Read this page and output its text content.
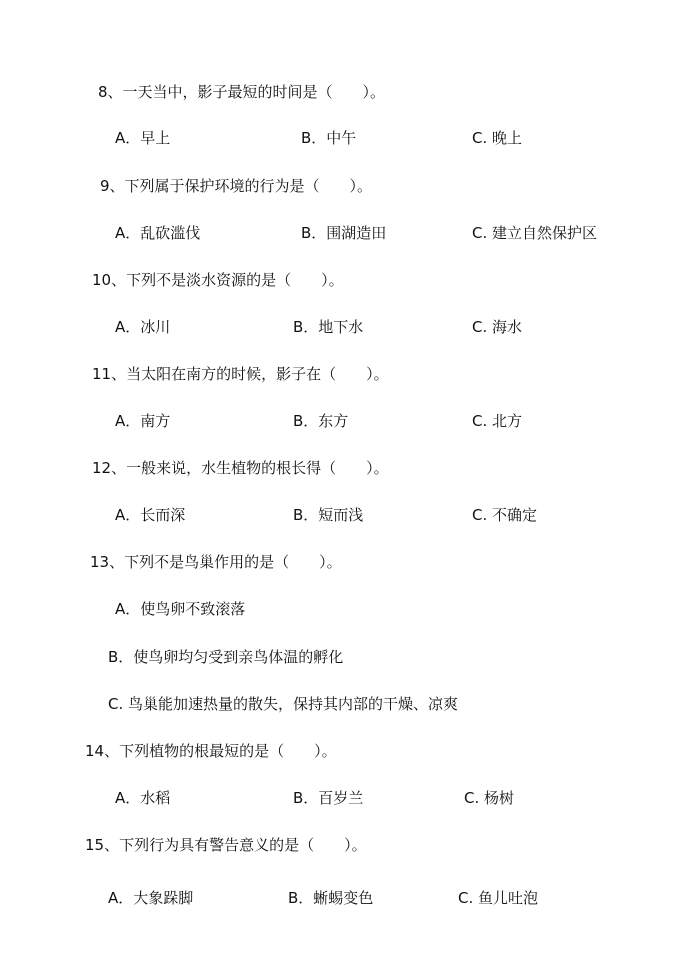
8、一天当中，影子最短的时间是（　　）。
A．早上	B．中午	C. 晚上
9、下列属于保护环境的行为是（　　）。
A．乱砍滥伐	B．围湖造田	C. 建立自然保护区
10、下列不是淡水资源的是（　　）。
A．冰川	B．地下水	C. 海水
11、当太阳在南方的时候，影子在（　　）。
A．南方	B．东方	C. 北方
12、一般来说，水生植物的根长得（　　）。
A．长而深	B．短而浅	C. 不确定
13、下列不是鸟巢作用的是（　　）。
A．使鸟卵不致滚落
B．使鸟卵均匀受到亲鸟体温的孵化
C. 鸟巢能加速热量的散失，保持其内部的干燥、凉爽
14、下列植物的根最短的是（　　）。
A．水稻	B．百岁兰	C. 杨树
15、下列行为具有警告意义的是（　　）。
A．大象跺脚	B．蜥蜴变色	C. 鱼儿吐泡
